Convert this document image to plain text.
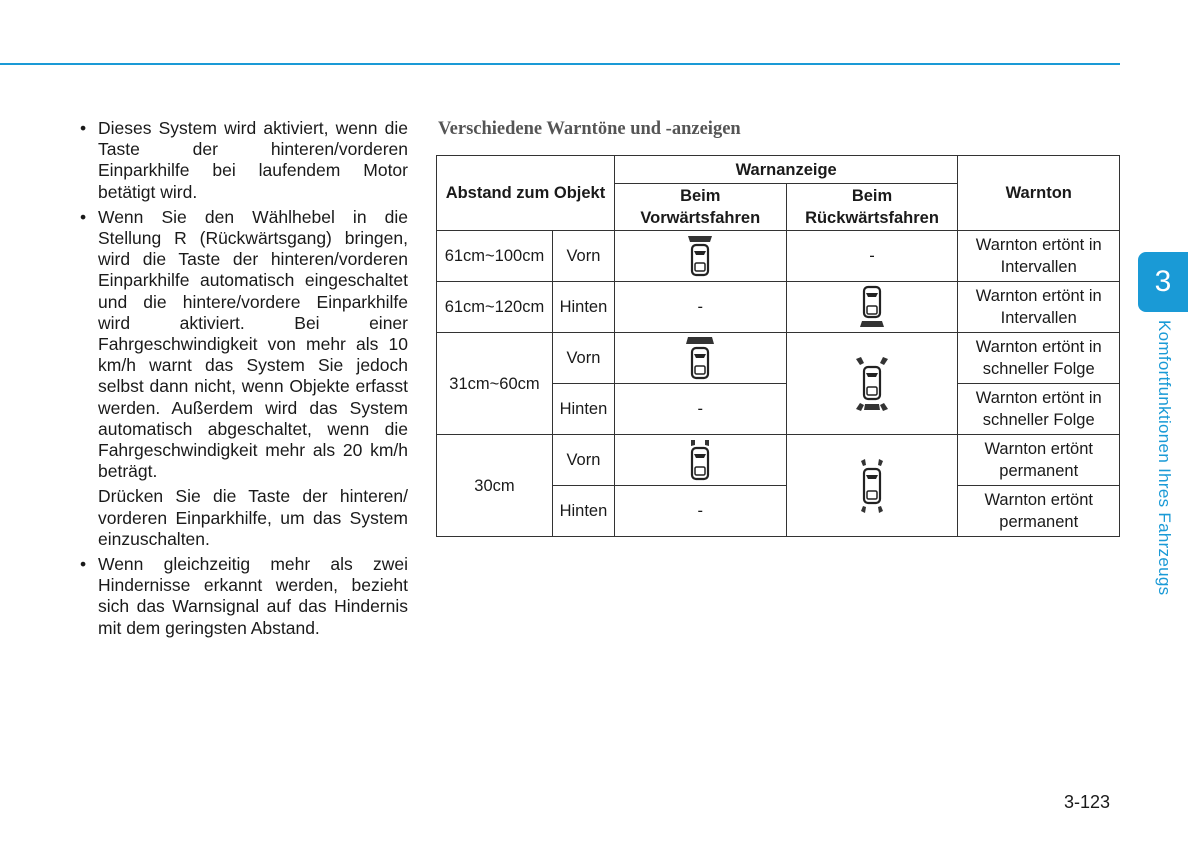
• Dieses System wird aktiviert, wenn die Taste der hinteren/vorderen Einparkhilfe bei laufendem Motor betätigt wird.
• Wenn Sie den Wählhebel in die Stellung R (Rückwärtsgang) bringen, wird die Taste der hinteren/vorderen Einparkhilfe automatisch eingeschaltet und die hintere/vordere Einparkhilfe wird aktiviert. Bei einer Fahrgeschwindigkeit von mehr als 10 km/h warnt das System Sie jedoch selbst dann nicht, wenn Objekte erfasst werden. Außerdem wird das System automatisch abgeschaltet, wenn die Fahrgeschwindigkeit mehr als 20 km/h beträgt.
Drücken Sie die Taste der hinteren/ vorderen Einparkhilfe, um das System einzuschalten.
• Wenn gleichzeitig mehr als zwei Hindernisse erkannt werden, bezieht sich das Warnsignal auf das Hindernis mit dem geringsten Abstand.
Verschiedene Warntöne und -anzeigen
Abstand zum Objekt		Warnanzeige		Warnton
		Beim Vorwärtsfahren	Beim Rückwärtsfahren	
61cm~100cm	Vorn		-	Warnton ertönt in Intervallen
61cm~120cm	Hinten	-		Warnton ertönt in Intervallen
31cm~60cm	Vorn			Warnton ertönt in schneller Folge
	Hinten	-		Warnton ertönt in schneller Folge
30cm	Vorn			Warnton ertönt permanent
	Hinten	-		Warnton ertönt permanent
3
Komfortfunktionen Ihres Fahrzeugs
3-123
